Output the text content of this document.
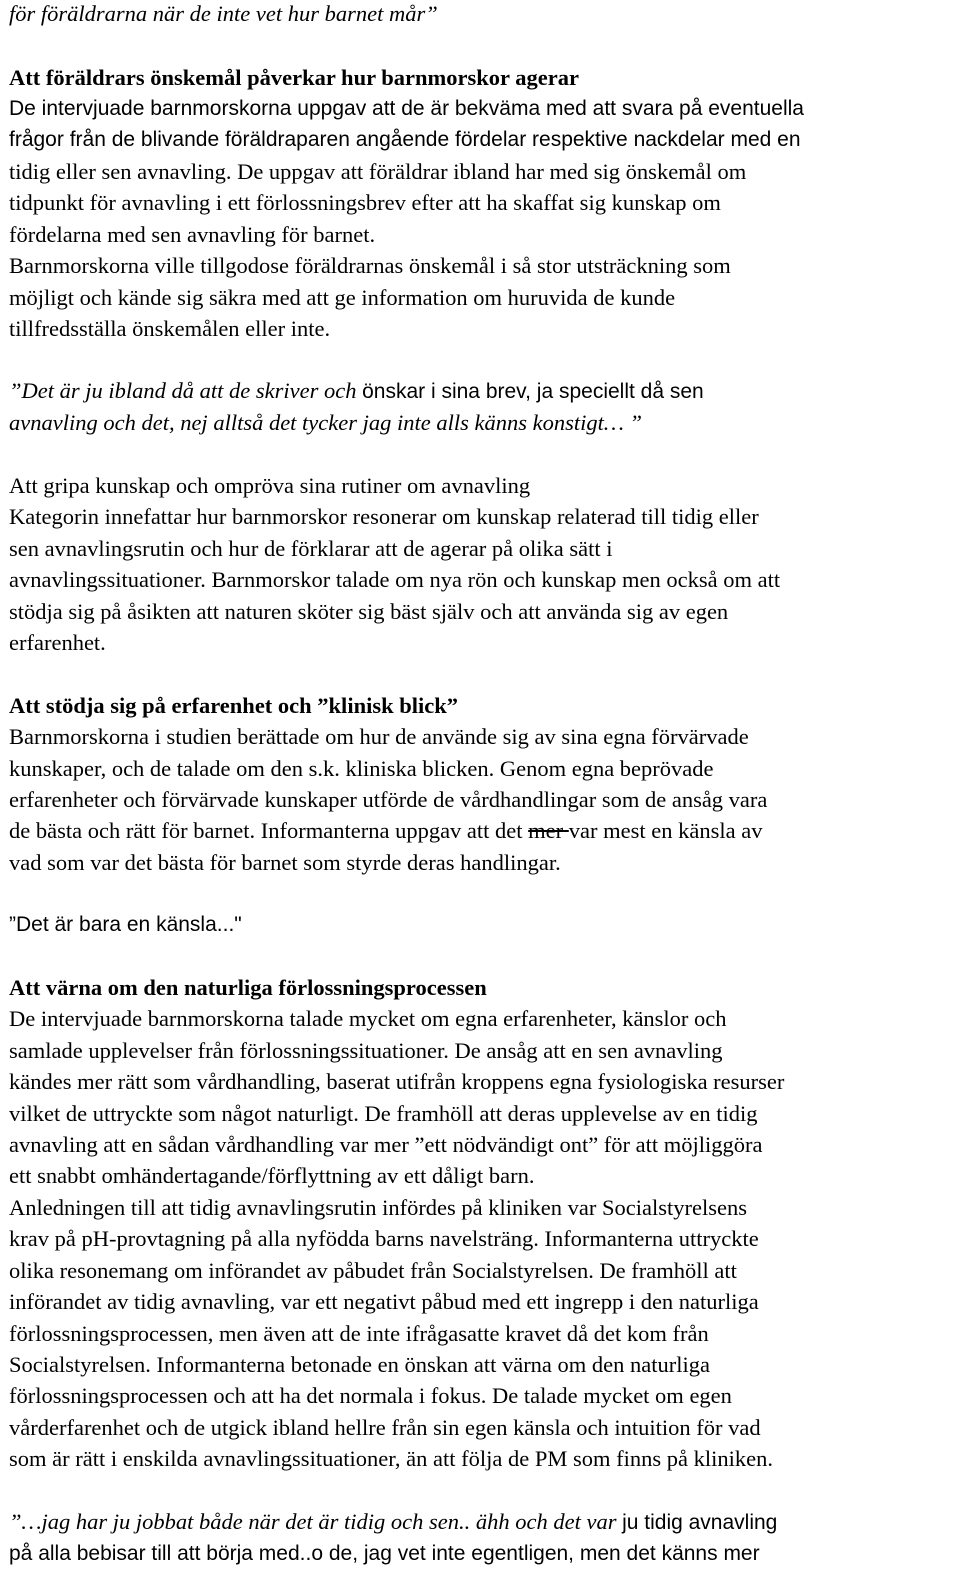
för föräldrarna när de inte vet hur barnet mår”
Att föräldrars önskemål påverkar hur barnmorskor agerar
De intervjuade barnmorskorna uppgav att de är bekväma med att svara på eventuella
frågor från de blivande föräldraparen angående fördelar respektive nackdelar med en
tidig eller sen avnavling. De uppgav att föräldrar ibland har med sig önskemål om
tidpunkt för avnavling i ett förlossningsbrev efter att ha skaffat sig kunskap om
fördelarna med sen avnavling för barnet.
Barnmorskorna ville tillgodose föräldrarnas önskemål i så stor utsträckning som
möjligt och kände sig säkra med att ge information om huruvida de kunde
tillfredsställa önskemålen eller inte.
”Det är ju ibland då att de skriver och önskar i sina brev, ja speciellt då sen
avnavling och det, nej alltså det tycker jag inte alls känns konstigt… ”
Att gripa kunskap och ompröva sina rutiner om avnavling
Kategorin innefattar hur barnmorskor resonerar om kunskap relaterad till tidig eller
sen avnavlingsrutin och hur de förklarar att de agerar på olika sätt i
avnavlingssituationer. Barnmorskor talade om nya rön och kunskap men också om att
stödja sig på åsikten att naturen sköter sig bäst själv och att använda sig av egen
erfarenhet.
Att stödja sig på erfarenhet och ”klinisk blick”
Barnmorskorna i studien berättade om hur de använde sig av sina egna förvärvade
kunskaper, och de talade om den s.k. kliniska blicken. Genom egna beprövade
erfarenheter och förvärvade kunskaper utförde de vårdhandlingar som de ansåg vara
de bästa och rätt för barnet. Informanterna uppgav att det mer var mest en känsla av
vad som var det bästa för barnet som styrde deras handlingar.
”Det är bara en känsla..."
Att värna om den naturliga förlossningsprocessen
De intervjuade barnmorskorna talade mycket om egna erfarenheter, känslor och
samlade upplevelser från förlossningssituationer. De ansåg att en sen avnavling
kändes mer rätt som vårdhandling, baserat utifrån kroppens egna fysiologiska resurser
vilket de uttryckte som något naturligt. De framhöll att deras upplevelse av en tidig
avnavling att en sådan vårdhandling var mer ”ett nödvändigt ont” för att möjliggöra
ett snabbt omhändertagande/förflyttning av ett dåligt barn.
Anledningen till att tidig avnavlingsrutin infördes på kliniken var Socialstyrelsens
krav på pH-provtagning på alla nyfödda barns navelsträng. Informanterna uttryckte
olika resonemang om införandet av påbudet från Socialstyrelsen. De framhöll att
införandet av tidig avnavling, var ett negativt påbud med ett ingrepp i den naturliga
förlossningsprocessen, men även att de inte ifrågasatte kravet då det kom från
Socialstyrelsen. Informanterna betonade en önskan att värna om den naturliga
förlossningsprocessen och att ha det normala i fokus. De talade mycket om egen
vårderfarenhet och de utgick ibland hellre från sin egen känsla och intuition för vad
som är rätt i enskilda avnavlingssituationer, än att följa de PM som finns på kliniken.
”…jag har ju jobbat både när det är tidig och sen.. ähh och det var ju tidig avnavling
på alla bebisar till att börja med..o de, jag vet inte egentligen, men det känns mer
